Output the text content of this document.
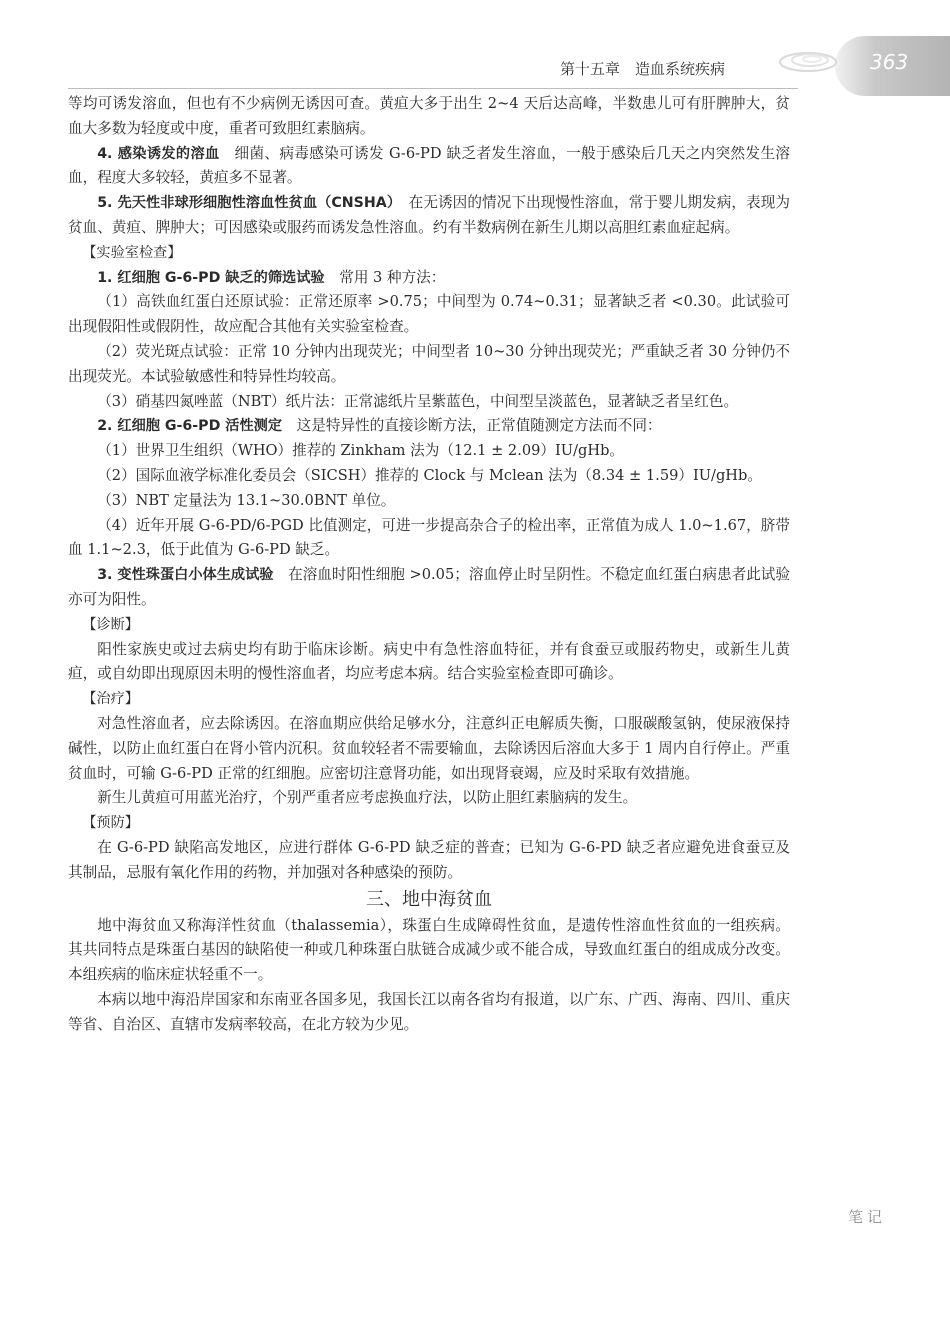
第十五章　造血系统疾病	363

等均可诱发溶血，但也有不少病例无诱因可查。黄疸大多于出生 2~4 天后达高峰，半数患儿可有肝脾肿大，贫血大多数为轻度或中度，重者可致胆红素脑病。

4. 感染诱发的溶血　细菌、病毒感染可诱发 G-6-PD 缺乏者发生溶血，一般于感染后几天之内突然发生溶血，程度大多较轻，黄疸多不显著。

5. 先天性非球形细胞性溶血性贫血（CNSHA）　在无诱因的情况下出现慢性溶血，常于婴儿期发病，表现为贫血、黄疸、脾肿大；可因感染或服药而诱发急性溶血。约有半数病例在新生儿期以高胆红素血症起病。

【实验室检查】

1. 红细胞 G-6-PD 缺乏的筛选试验　常用 3 种方法：

（1）高铁血红蛋白还原试验：正常还原率 >0.75；中间型为 0.74~0.31；显著缺乏者 <0.30。此试验可出现假阳性或假阴性，故应配合其他有关实验室检查。

（2）荧光斑点试验：正常 10 分钟内出现荧光；中间型者 10~30 分钟出现荧光；严重缺乏者 30 分钟仍不出现荧光。本试验敏感性和特异性均较高。

（3）硝基四氮唑蓝（NBT）纸片法：正常滤纸片呈紫蓝色，中间型呈淡蓝色，显著缺乏者呈红色。

2. 红细胞 G-6-PD 活性测定　这是特异性的直接诊断方法，正常值随测定方法而不同：

（1）世界卫生组织（WHO）推荐的 Zinkham 法为（12.1 ± 2.09）IU/gHb。

（2）国际血液学标准化委员会（SICSH）推荐的 Clock 与 Mclean 法为（8.34 ± 1.59）IU/gHb。

（3）NBT 定量法为 13.1~30.0BNT 单位。

（4）近年开展 G-6-PD/6-PGD 比值测定，可进一步提高杂合子的检出率，正常值为成人 1.0~1.67，脐带血 1.1~2.3，低于此值为 G-6-PD 缺乏。

3. 变性珠蛋白小体生成试验　在溶血时阳性细胞 >0.05；溶血停止时呈阴性。不稳定血红蛋白病患者此试验亦可为阳性。

【诊断】

阳性家族史或过去病史均有助于临床诊断。病史中有急性溶血特征，并有食蚕豆或服药物史，或新生儿黄疸，或自幼即出现原因未明的慢性溶血者，均应考虑本病。结合实验室检查即可确诊。

【治疗】

对急性溶血者，应去除诱因。在溶血期应供给足够水分，注意纠正电解质失衡，口服碳酸氢钠，使尿液保持碱性，以防止血红蛋白在肾小管内沉积。贫血较轻者不需要输血，去除诱因后溶血大多于 1 周内自行停止。严重贫血时，可输 G-6-PD 正常的红细胞。应密切注意肾功能，如出现肾衰竭，应及时采取有效措施。

新生儿黄疸可用蓝光治疗，个别严重者应考虑换血疗法，以防止胆红素脑病的发生。

【预防】

在 G-6-PD 缺陷高发地区，应进行群体 G-6-PD 缺乏症的普查；已知为 G-6-PD 缺乏者应避免进食蚕豆及其制品，忌服有氧化作用的药物，并加强对各种感染的预防。

三、地中海贫血

地中海贫血又称海洋性贫血（thalassemia），珠蛋白生成障碍性贫血，是遗传性溶血性贫血的一组疾病。其共同特点是珠蛋白基因的缺陷使一种或几种珠蛋白肽链合成减少或不能合成，导致血红蛋白的组成成分改变。本组疾病的临床症状轻重不一。

本病以地中海沿岸国家和东南亚各国多见，我国长江以南各省均有报道，以广东、广西、海南、四川、重庆等省、自治区、直辖市发病率较高，在北方较为少见。

笔记
